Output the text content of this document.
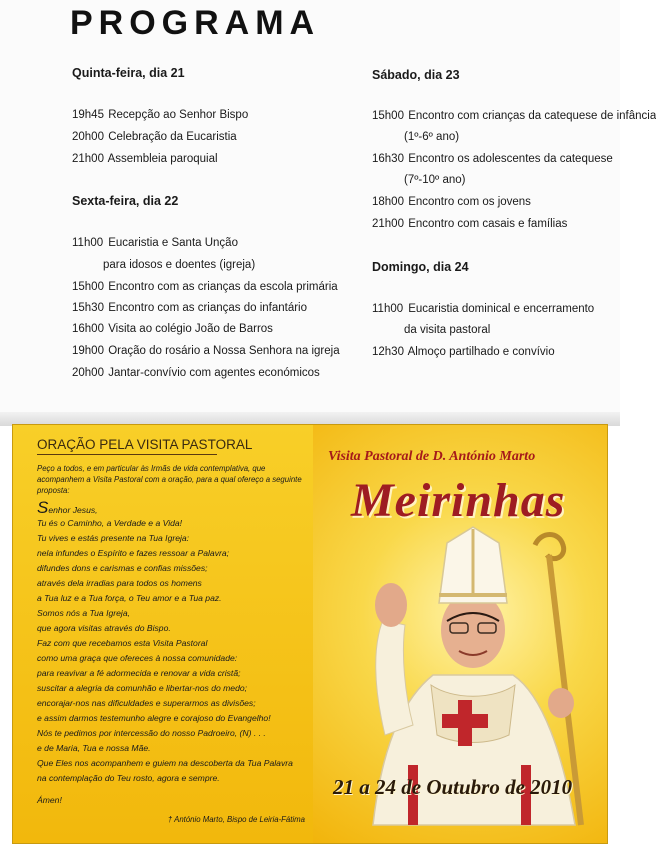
PROGRAMA
Quinta-feira, dia 21
19h45 Recepção ao Senhor Bispo
20h00 Celebração da Eucaristia
21h00 Assembleia paroquial
Sexta-feira, dia 22
11h00 Eucaristia e Santa Unção
para idosos e doentes (igreja)
15h00 Encontro com as crianças da escola primária
15h30 Encontro com as crianças do infantário
16h00 Visita ao colégio João de Barros
19h00 Oração do rosário a Nossa Senhora na igreja
20h00 Jantar-convívio com agentes económicos
Sábado, dia 23
15h00 Encontro com crianças da catequese de infância
(1º-6º ano)
16h30 Encontro os adolescentes da catequese
(7º-10º ano)
18h00 Encontro com os jovens
21h00 Encontro com casais e famílias
Domingo, dia 24
11h00 Eucaristia dominical e encerramento
da visita pastoral
12h30 Almoço partilhado e convívio
ORAÇÃO PELA VISITA PASTORAL
Peço a todos, e em particular às Irmãs de vida contemplativa, que acompanhem a Visita Pastoral com a oração, para a qual ofereço a seguinte proposta:
Senhor Jesus,
Tu és o Caminho, a Verdade e a Vida!
Tu vives e estás presente na Tua Igreja:
nela infundes o Espírito e fazes ressoar a Palavra;
difundes dons e carismas e confias missões;
através dela irradias para todos os homens
a Tua luz e a Tua força, o Teu amor e a Tua paz.
Somos nós a Tua Igreja,
que agora visitas através do Bispo.
Faz com que recebamos esta Visita Pastoral
como uma graça que ofereces à nossa comunidade:
para reavivar a fé adormecida e renovar a vida cristã;
suscitar a alegria da comunhão e libertar-nos do medo;
encorajar-nos nas dificuldades e superarmos as divisões;
e assim darmos testemunho alegre e corajoso do Evangelho!
Nós te pedimos por intercessão do nosso Padroeiro, (N) . . .
e de Maria, Tua e nossa Mãe.
Que Eles nos acompanhem e guiem na descoberta da Tua Palavra
na contemplação do Teu rosto, agora e sempre.
Ámen!
† António Marto, Bispo de Leiria-Fátima
Visita Pastoral de D. António Marto
Meirinhas
21 a 24 de Outubro de 2010
